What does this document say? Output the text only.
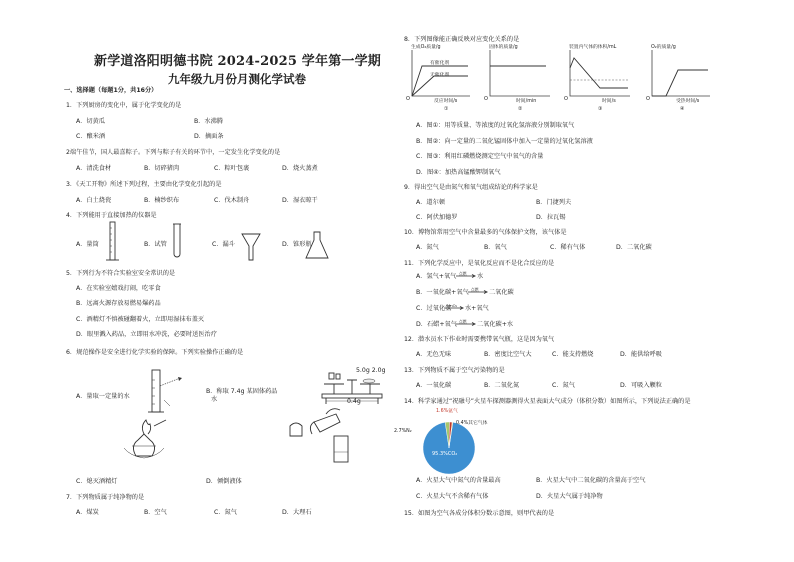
新学道洛阳明德书院 2024-2025 学年第一学期
九年级九月份月测化学试卷
一、选择题（每题1分，共16分）
1．下列厨房的变化中，属于化学变化的是
A．切黄瓜	B．水沸腾
C．酿米酒	D．摘面条
2端午佳节，国人最喜粽子。下列与粽子有关的环节中，一定发生化学变化的是
A．清洗食材	B．切碎猪肉	C．粽叶包裹	D．烧火蒸煮
3．《天工开物》所述下列过程，主要由化学变化引起的是
A．白土烧瓷	B．楠纱织布	C．伐木制舟	D．湿衣晾干
4．下列能用于直接加热的仪器是
A．量筒	B．试管	C．漏斗	D．锥形瓶
5．下列行为不符合实验室安全常识的是
A．在实验室嬉戏打闹，吃零食
B．远离火源存放易燃易爆药品
C．酒精灯不慎被碰翻着火，立即用湿抹布盖灭
D．眼里溅入药品，立即用水冲洗，必要时送医治疗
6．规范操作是安全进行化学实验的保障。下列实验操作正确的是
水
5.0g 2.0g
0.4g
A．量取一定量的水
B．称取 7.4g 某固体药品
C．熄灭酒精灯	D．倾倒液体
7．下列物质属于纯净物的是
A．煤炭	B．空气	C．氮气	D．大理石
8．下列图像能正确反映对应变化关系的是
生成O₂质量/g
有催化剂
无催化剂
反应时间/s
①
O
固体的质量/g
时间/min
②
O
装置内气体的体积/mL
时间/s
③
O
O₂的质量/g
受热时间/s
④
O
A．图①：用等质量、等浓度的过氧化氢溶液分别制取氧气
B．图②：向一定量的二氧化锰固体中加入一定量的过氧化氢溶液
C．图③：利用红磷燃烧测定空气中氧气的含量
D．图④：加热高锰酸钾制氧气
9．得出空气是由氮气和氧气组成结论的科学家是
A．道尔顿	B．门捷列夫
C．阿伏加德罗	D．拉瓦锡
10．博物馆常用空气中含量最多的气体保护文物，该气体是
A．氮气	B．氧气	C．稀有气体	D．二氧化碳
11．下列化学反应中，是氧化反应而不是化合反应的是
A．氢气+氧气 点燃 水
B．一氧化碳+氧气 点燃 二氧化碳
C．过氧化氢
MnO₂ 水+氧气
D．石蜡+氧气 点燃 二氧化碳+水
12．潜水员水下作业时需要携带氧气瓶，这是因为氧气
A．无色无味	B．密度比空气大	C．能支持燃烧	D．能供给呼吸
13．下列物质不属于空气污染物的是
A．一氧化碳	B．二氧化氮	C．氮气	D．可吸入颗粒
14．科学家通过“祝融号”火星车探测器测得火星表面大气成分（体积分数）如图所示，下列说法正确的是
1.6%氩气
0.4%其它气体
2.7%N₂
95.3%CO₂
A．火星大气中氮气的含量最高	B．火星大气中二氧化碳的含量高于空气
C．火星大气不含稀有气体	D．火星大气属于纯净物
15．如图为空气各成分体积分数示意图，则甲代表的是
